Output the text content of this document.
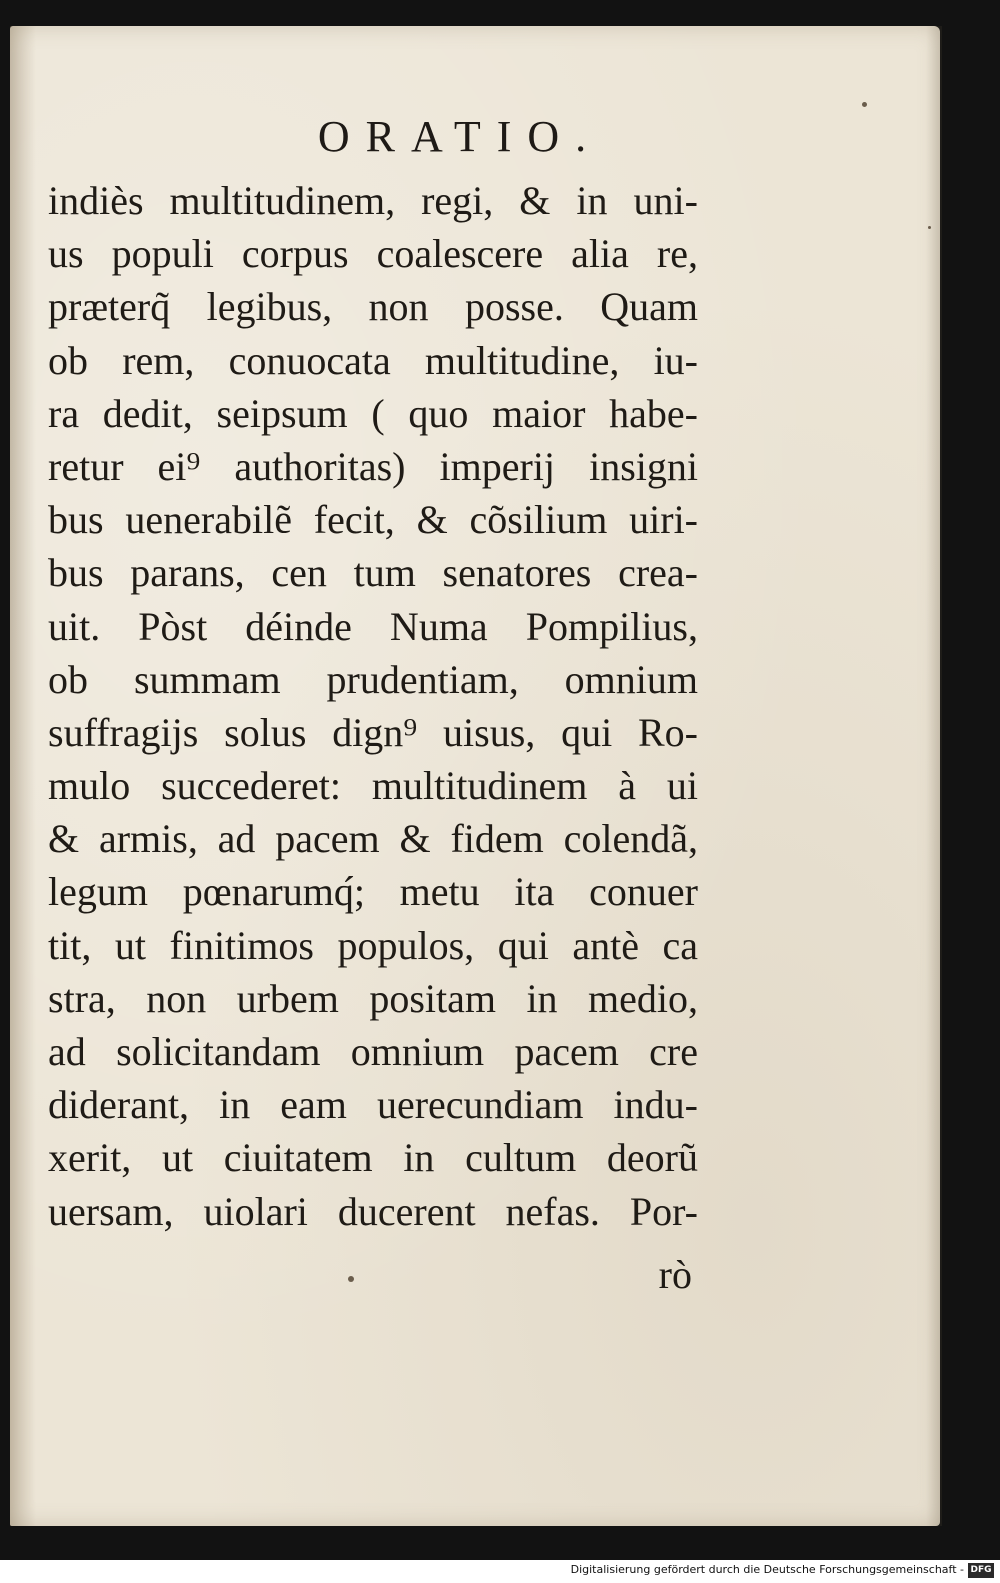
ORATIO.
indiès multitudinem, regi, & in uni-
us populi corpus coalescere alia re,
præterq̃ legibus, non posse. Quam
ob rem, conuocata multitudine, iu-
ra dedit, seipsum ( quo maior habe-
retur ei⁹ authoritas) imperij insigni
bus uenerabilẽ fecit, & cõsilium uiri-
bus parans, cen tum senatores crea-
uit. Pòst déinde Numa Pompilius,
ob summam prudentiam, omnium
suffragijs solus dign⁹ uisus, qui Ro-
mulo succederet: multitudinem à ui
& armis, ad pacem & fidem colendã,
legum pœnarumq́; metu ita conuer
tit, ut finitimos populos, qui antè ca
stra, non urbem positam in medio,
ad solicitandam omnium pacem cre
diderant, in eam uerecundiam indu-
xerit, ut ciuitatem in cultum deorũ
uersam, uiolari ducerent nefas. Por-
rò
Digitalisierung gefördert durch die Deutsche Forschungsgemeinschaft - DFG
